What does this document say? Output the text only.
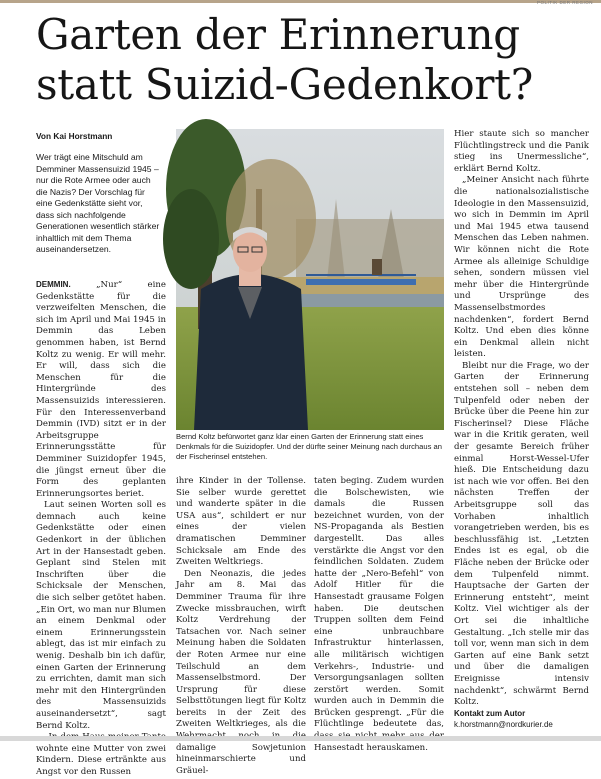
POLITIK DER REGION
Garten der Erinnerung statt Suizid-Gedenkort?
Von Kai Horstmann
Wer trägt eine Mitschuld am Demminer Massensuizid 1945 – nur die Rote Armee oder auch die Nazis? Der Vorschlag für eine Gedenkstätte sieht vor, dass sich nachfolgende Generationen wesentlich stärker inhaltlich mit dem Thema auseinandersetzen.

DEMMIN. „Nur“ eine Gedenkstätte für die verzweifelten Menschen, die sich im April und Mai 1945 in Demmin das Leben genommen haben, ist Bernd Koltz zu wenig. Er will mehr. Er will, dass sich die Menschen für die Hintergründe des Massensuizids interessieren. Für den Interessenverband Demmin (IVD) sitzt er in der Arbeitsgruppe Erinnerungsstätte für Demminer Suizidopfer 1945, die jüngst erneut über die Form des geplanten Erinnerungsortes beriet.

Laut seinen Worten soll es demnach auch keine Gedenkstätte oder einen Gedenkort in der üblichen Art in der Hansestadt geben. Geplant sind Stelen mit Inschriften über die Schicksale der Menschen, die sich selber getötet haben. „Ein Ort, wo man nur Blumen an einem Denkmal oder einem Erinnerungsstein ablegt, das ist mir einfach zu wenig. Deshalb bin ich dafür, einen Garten der Erinnerung zu errichten, damit man sich mehr mit den Hintergründen des Massensuizids auseinandersetzt“, sagt Bernd Koltz.

wohnte eine Mutter von zwei Kindern. Diese ertränkte aus Angst vor den Russen

Bernd Koltz befürwortet ganz klar einen Garten der Erinnerung statt eines Denkmals für die Suizidopfer. Und der dürfte seiner Meinung nach durchaus an der Fischerinsel entstehen.

ihre Kinder in der Tollense. Sie selber wurde gerettet und wanderte später in die USA aus“, schildert er nur eines der vielen dramatischen Demminer Schicksale am Ende des Zweiten Weltkriegs.

Den Neonazis, die jedes Jahr am 8. Mai das Demminer Trauma für ihre Zwecke missbrauchen, wirft Koltz Verdrehung der Tatsachen vor. Nach seiner Meinung haben die Soldaten der Roten Armee nur eine Teilschuld an dem Massenselbstmord. Der Ursprung für diese Selbsttötungen liegt für Koltz bereits in der Zeit des Zweiten Weltkrieges, als die damalige Sowjetunion hineinmarschierte und Gräuel-

taten beging. Zudem wurden die Bolschewisten, wie damals die Russen bezeichnet wurden, von der NS-Propaganda als Bestien dargestellt. Das alles verstärkte die Angst vor den feindlichen Soldaten. Zudem hatte der „Nero-Befehl“ von Adolf Hitler für die Hansestadt grausame Folgen haben. Die deutschen Truppen sollten dem Feind eine unbrauchbare Infrastruktur hinterlassen, alle militärisch wichtigen Verkehrs-, Industrie- und Versorgungsanlagen sollten zerstört werden. Somit wurden auch in Demmin die Brücken gesprengt. „Für die Flüchtlinge bedeutete das, Hansestadt herauskamen.

Hier staute sich so mancher Flüchtlingstreck und die Panik stieg ins Unermessliche“, erklärt Bernd Koltz.

„Meiner Ansicht nach führte die nationalsozialistische Ideologie in den Massensuizid, wo sich in Demmin im April und Mai 1945 etwa tausend Menschen das Leben nahmen. Wir können nicht die Rote Armee als alleinige Schuldige sehen, sondern müssen viel mehr über die Hintergründe und Ursprünge des Massenselbstmordes nachdenken“, fordert Bernd Koltz. Und eben dies könne ein Denkmal allein nicht leisten.

Bleibt nur die Frage, wo der Garten der Erinnerung entstehen soll – neben dem Tulpenfeld oder neben der Brücke über die Peene hin zur Fischerinsel? Diese Fläche war in die Kritik geraten, weil der gesamte Bereich früher einmal Horst-Wessel-Ufer hieß. Die Entscheidung dazu ist nach wie vor offen. Bei den nächsten Treffen der Arbeitsgruppe soll das Vorhaben inhaltlich vorangetrieben werden, bis es beschlussfähig ist. „Letzten Endes ist es egal, ob die Fläche neben der Brücke oder dem Tulpenfeld nimmt. Hauptsache der Garten der Erinnerung entsteht“, meint Koltz. Viel wichtiger als der Ort sei die inhaltliche Gestaltung. „Ich stelle mir das toll vor, wenn man sich in dem Garten auf eine Bank setzt und über die damaligen Ereignisse intensiv nachdenkt“, schwärmt Bernd Koltz.

Kontakt zum Autor
k.horstmann@nordkurier.de
